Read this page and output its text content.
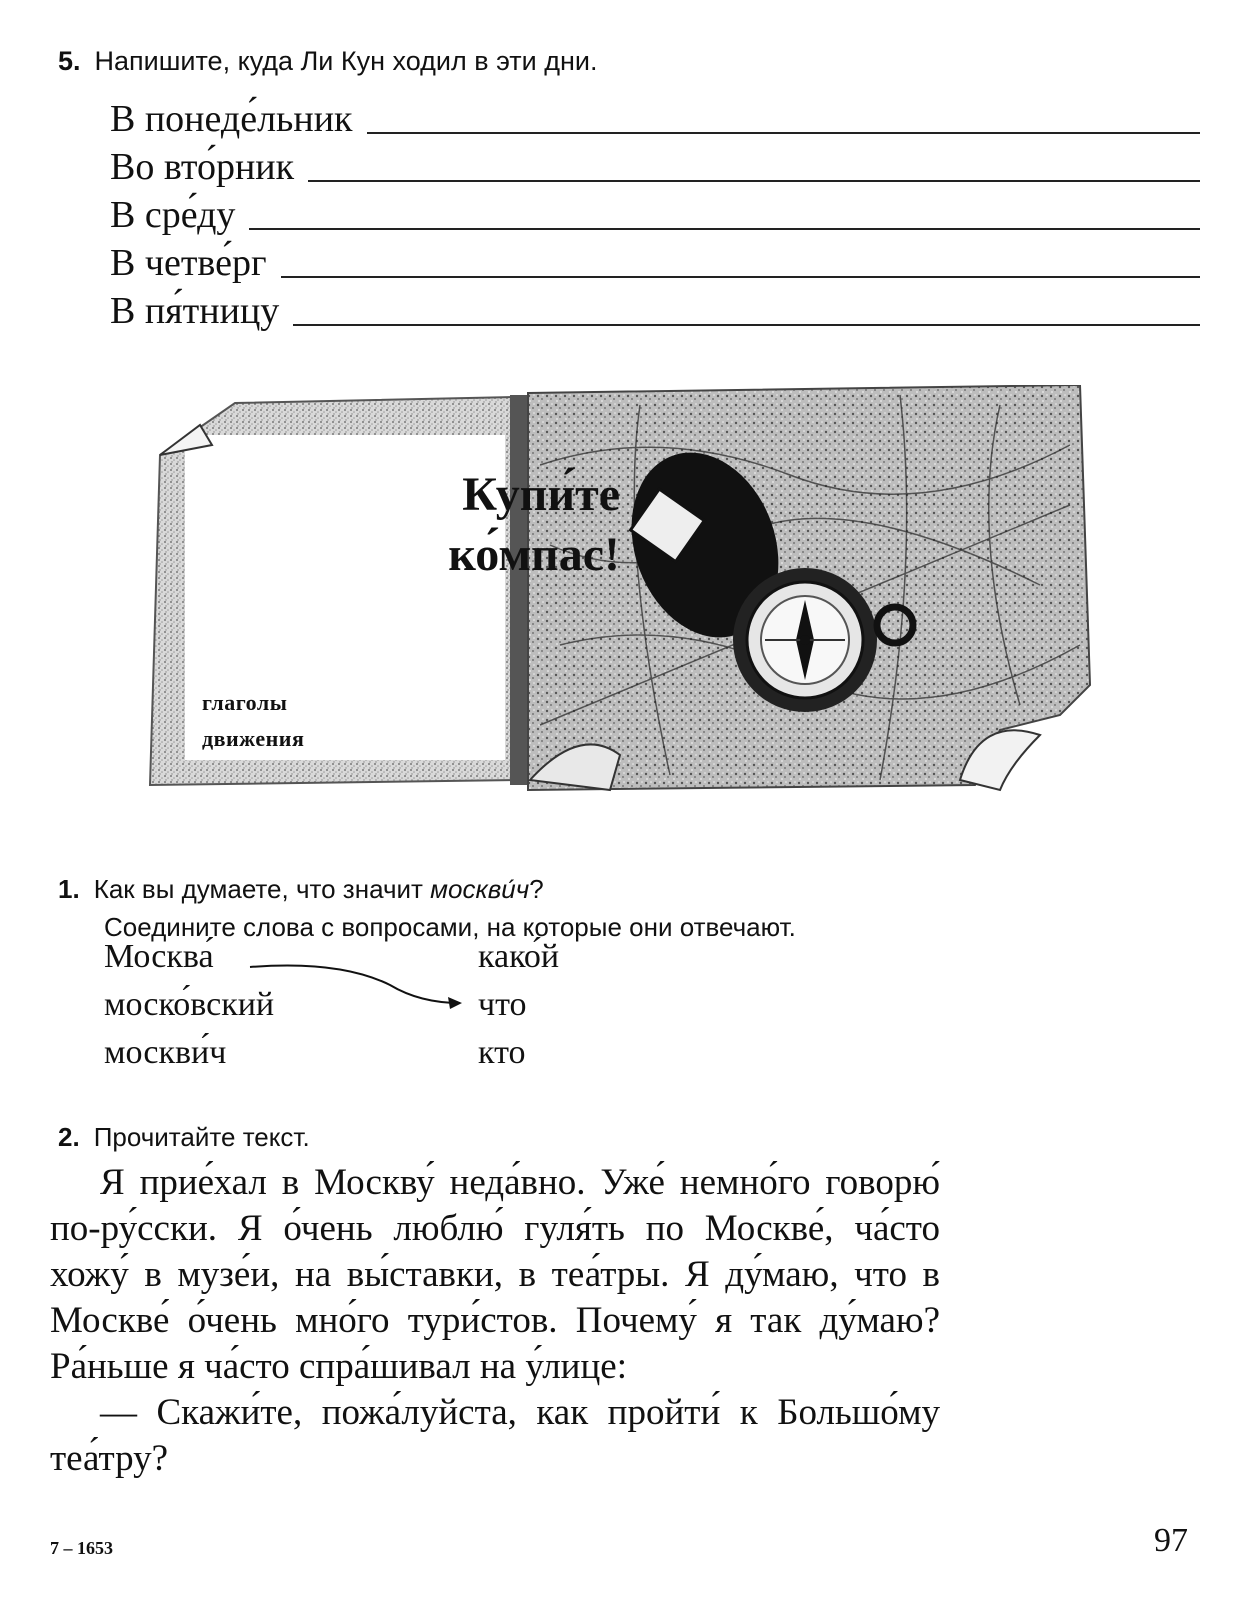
5. Напишите, куда Ли Кун ходил в эти дни.
В понеде́льник
Во вто́рник
В сре́ду
В четве́рг
В пя́тницу
Купи́те
ко́мпас!
глаголы
движения
1. Как вы думаете, что значит москви́ч?
Соедините слова с вопросами, на которые они отвечают.
Москва́
моско́вский
москви́ч
како́й
что
кто
2. Прочитайте текст.

Я прие́хал в Москву́ неда́вно. Уже́ немно́го говорю́ по-ру́сски. Я о́чень люблю́ гуля́ть по Москве́, ча́сто хожу́ в музе́и, на вы́ставки, в теа́тры. Я ду́маю, что в Москве́ о́чень мно́го тури́стов. Почему́ я так ду́маю? Ра́ньше я ча́сто спра́шивал на у́лице:

— Скажи́те, пожа́луйста, как пройти́ к Большо́му теа́тру?

7 – 1653	97
